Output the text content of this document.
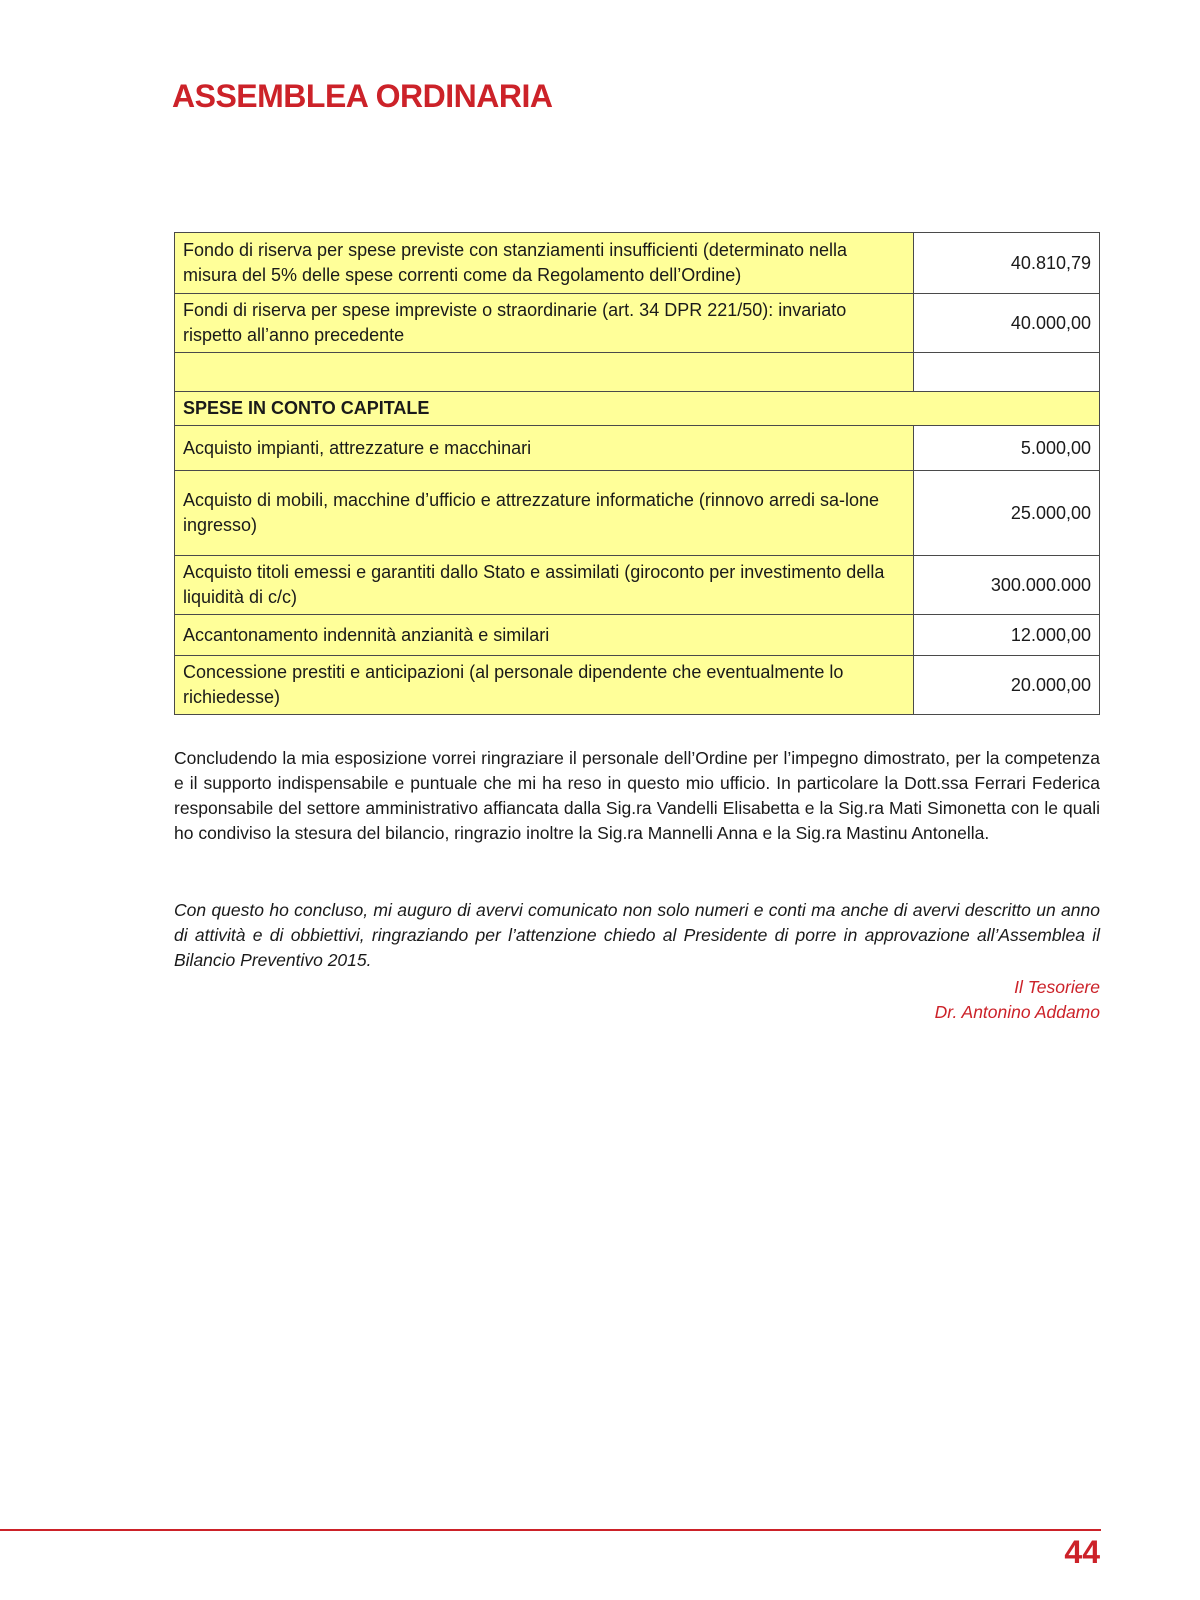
ASSEMBLEA ORDINARIA
Fondo di riserva per spese previste con stanziamenti insufficienti (determinato nella misura del 5% delle spese correnti come da Regolamento dell’Ordine)	40.810,79
Fondi di riserva per spese impreviste o straordinarie (art. 34 DPR 221/50): invariato rispetto all’anno precedente	40.000,00

SPESE IN CONTO CAPITALE	
Acquisto impianti, attrezzature e macchinari	5.000,00
Acquisto di mobili, macchine d’ufficio e attrezzature informatiche (rinnovo arredi sa-lone ingresso)	25.000,00
Acquisto titoli emessi e garantiti dallo Stato e assimilati (giroconto per investimento della liquidità di c/c)	300.000.000
Accantonamento indennità anzianità e similari	12.000,00
Concessione prestiti e anticipazioni (al personale dipendente che eventualmente lo richiedesse)	20.000,00

Concludendo la mia esposizione vorrei ringraziare il personale dell’Ordine per l’impegno dimostrato, per la competenza e il supporto indispensabile e puntuale che mi ha reso in questo mio ufficio. In particolare la Dott.ssa Ferrari Federica responsabile del settore amministrativo affiancata dalla Sig.ra Vandelli Elisabetta e la Sig.ra Mati Simonetta con le quali ho condiviso la stesura del bilancio, ringrazio inoltre la Sig.ra Mannelli Anna e la Sig.ra Mastinu Antonella.

Con questo ho concluso, mi auguro di avervi comunicato non solo numeri e conti ma anche di avervi descritto un anno di attività e di obbiettivi, ringraziando per l’attenzione chiedo al Presidente di porre in approvazione all’Assemblea il Bilancio Preventivo 2015.

Il Tesoriere
Dr. Antonino Addamo
44
